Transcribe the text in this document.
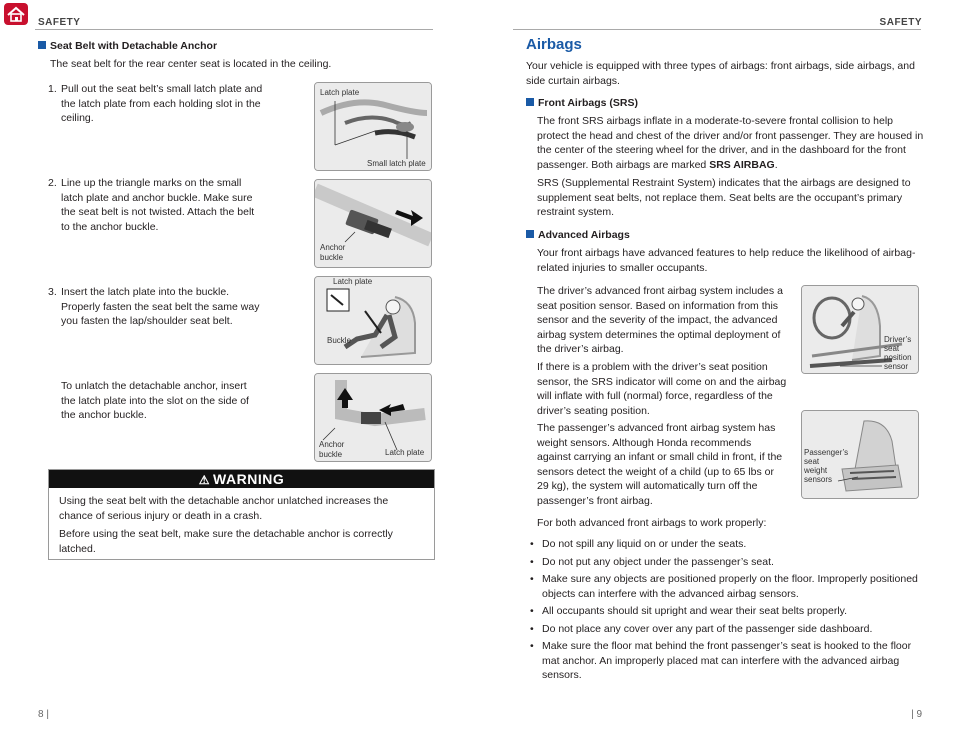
SAFETY
Seat Belt with Detachable Anchor

The seat belt for the rear center seat is located in the ceiling.

1. Pull out the seat belt’s small latch plate and the latch plate from each holding slot in the ceiling.
2. Line up the triangle marks on the small latch plate and anchor buckle. Make sure the seat belt is not twisted. Attach the belt to the anchor buckle.
3. Insert the latch plate into the buckle. Properly fasten the seat belt the same way you fasten the lap/shoulder seat belt.

To unlatch the detachable anchor, insert the latch plate into the slot on the side of the anchor buckle.

Latch plate
Small latch plate
Anchor
buckle
Latch plate
Buckle
Anchor
buckle	Latch plate
⚠ WARNING

Using the seat belt with the detachable anchor unlatched increases the chance of serious injury or death in a crash.

Before using the seat belt, make sure the detachable anchor is correctly latched.

8 |
SAFETY
Airbags

Your vehicle is equipped with three types of airbags: front airbags, side airbags, and side curtain airbags.

Front Airbags (SRS)

The front SRS airbags inflate in a moderate-to-severe frontal collision to help protect the head and chest of the driver and/or front passenger. They are housed in the center of the steering wheel for the driver, and in the dashboard for the front passenger. Both airbags are marked SRS AIRBAG.

SRS (Supplemental Restraint System) indicates that the airbags are designed to supplement seat belts, not replace them. Seat belts are the occupant’s primary restraint system.

Advanced Airbags

Your front airbags have advanced features to help reduce the likelihood of airbag-related injuries to smaller occupants.

The driver’s advanced front airbag system includes a seat position sensor. Based on information from this sensor and the severity of the impact, the advanced airbag system determines the optimal deployment of the driver’s airbag.

If there is a problem with the driver’s seat position sensor, the SRS indicator will come on and the airbag will inflate with full (normal) force, regardless of the driver’s seating position.

The passenger’s advanced front airbag system has weight sensors. Although Honda recommends against carrying an infant or small child in front, if the sensors detect the weight of a child (up to 65 lbs or 29 kg), the system will automatically turn off the passenger’s front airbag.

For both advanced front airbags to work properly:

Driver’s
seat
position
sensor
Passenger’s
seat
weight
sensors
• Do not spill any liquid on or under the seats.
• Do not put any object under the passenger’s seat.
• Make sure any objects are positioned properly on the floor. Improperly positioned objects can interfere with the advanced airbag sensors.
• All occupants should sit upright and wear their seat belts properly.
• Do not place any cover over any part of the passenger side dashboard.
• Make sure the floor mat behind the front passenger’s seat is hooked to the floor mat anchor. An improperly placed mat can interfere with the advanced airbag sensors.
| 9
